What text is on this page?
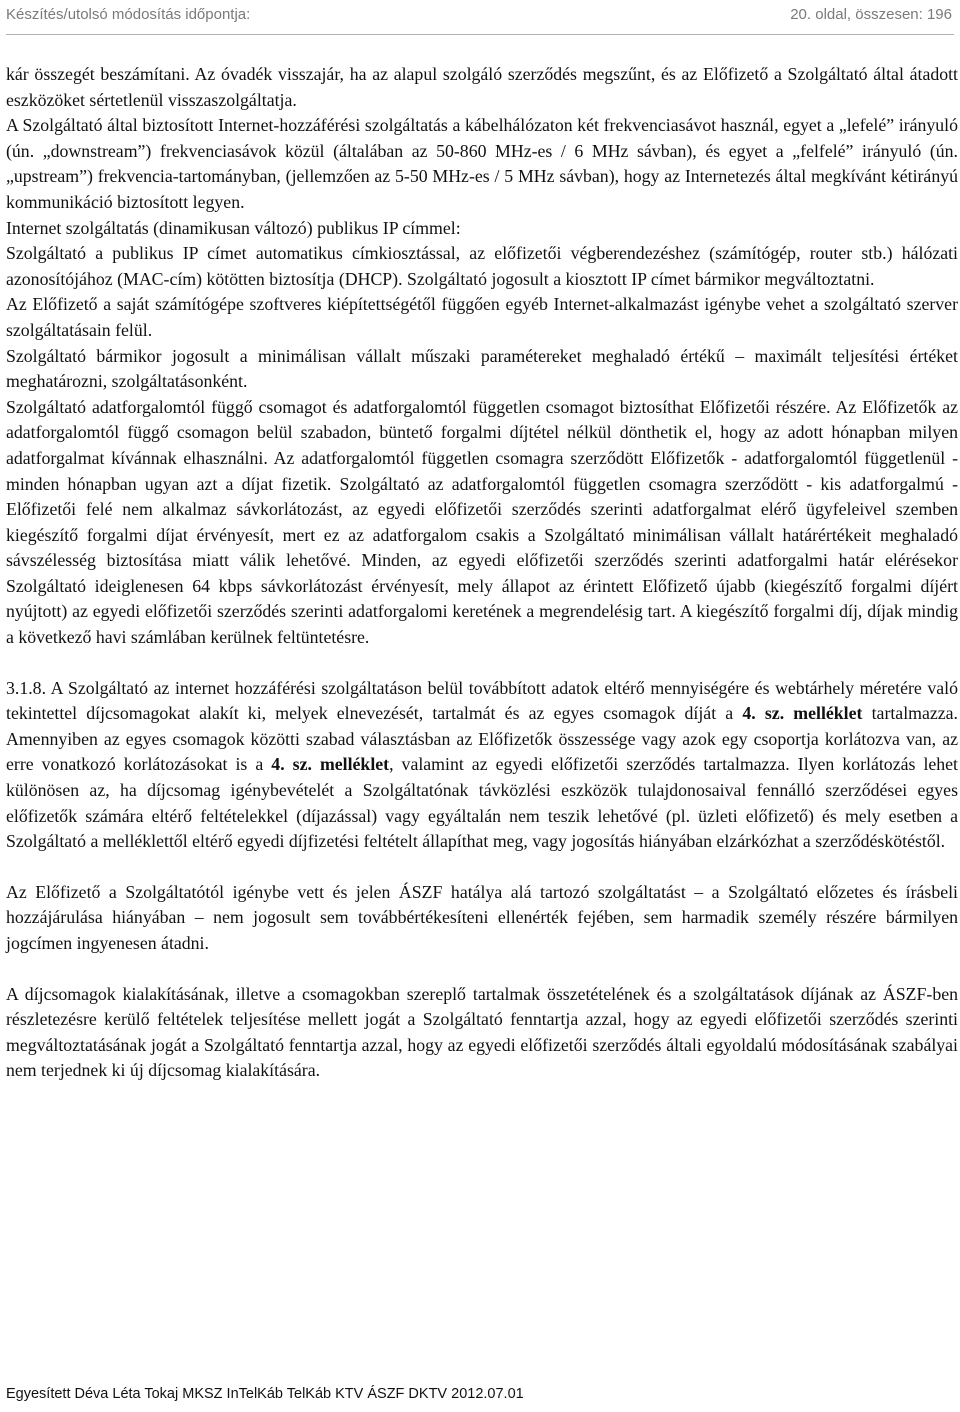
Készítés/utolsó módosítás időpontja:	20. oldal, összesen: 196

kár összegét beszámítani. Az óvadék visszajár, ha az alapul szolgáló szerződés megszűnt, és az Előfizető a Szolgáltató által átadott eszközöket sértetlenül visszaszolgáltatja.

A Szolgáltató által biztosított Internet-hozzáférési szolgáltatás a kábelhálózaton két frekvenciasávot használ, egyet a „lefelé” irányuló (ún. „downstream”) frekvenciasávok közül (általában az 50-860 MHz-es / 6 MHz sávban), és egyet a „felfelé” irányuló (ún. „upstream”) frekvencia-tartományban, (jellemzően az 5-50 MHz-es / 5 MHz sávban), hogy az Internetezés által megkívánt kétirányú kommunikáció biztosított legyen.

Internet szolgáltatás (dinamikusan változó) publikus IP címmel:

Szolgáltató a publikus IP címet automatikus címkiosztással, az előfizetői végberendezéshez (számítógép, router stb.) hálózati azonosítójához (MAC-cím) kötötten biztosítja (DHCP). Szolgáltató jogosult a kiosztott IP címet bármikor megváltoztatni.

Az Előfizető a saját számítógépe szoftveres kiépítettségétől függően egyéb Internet-alkalmazást igénybe vehet a szolgáltató szerver szolgáltatásain felül.

Szolgáltató bármikor jogosult a minimálisan vállalt műszaki paramétereket meghaladó értékű – maximált teljesítési értéket meghatározni, szolgáltatásonként.

Szolgáltató adatforgalomtól függő csomagot és adatforgalomtól független csomagot biztosíthat Előfizetői részére. Az Előfizetők az adatforgalomtól függő csomagon belül szabadon, büntető forgalmi díjtétel nélkül dönthetik el, hogy az adott hónapban milyen adatforgalmat kívánnak elhasználni. Az adatforgalomtól független csomagra szerződött Előfizetők - adatforgalomtól függetlenül - minden hónapban ugyan azt a díjat fizetik. Szolgáltató az adatforgalomtól független csomagra szerződött - kis adatforgalmú - Előfizetői felé nem alkalmaz sávkorlátozást, az egyedi előfizetői szerződés szerinti adatforgalmat elérő ügyfeleivel szemben kiegészítő forgalmi díjat érvényesít, mert ez az adatforgalom csakis a Szolgáltató minimálisan vállalt határértékeit meghaladó sávszélesség biztosítása miatt válik lehetővé. Minden, az egyedi előfizetői szerződés szerinti adatforgalmi határ elérésekor Szolgáltató ideiglenesen 64 kbps sávkorlátozást érvényesít, mely állapot az érintett Előfizető újabb (kiegészítő forgalmi díjért nyújtott) az egyedi előfizetői szerződés szerinti adatforgalomi keretének a megrendelésig tart. A kiegészítő forgalmi díj, díjak mindig a következő havi számlában kerülnek feltüntetésre.

3.1.8. A Szolgáltató az internet hozzáférési szolgáltatáson belül továbbított adatok eltérő mennyiségére és webtárhely méretére való tekintettel díjcsomagokat alakít ki, melyek elnevezését, tartalmát és az egyes csomagok díját a 4. sz. melléklet tartalmazza. Amennyiben az egyes csomagok közötti szabad választásban az Előfizetők összessége vagy azok egy csoportja korlátozva van, az erre vonatkozó korlátozásokat is a 4. sz. melléklet, valamint az egyedi előfizetői szerződés tartalmazza. Ilyen korlátozás lehet különösen az, ha díjcsomag igénybevételét a Szolgáltatónak távközlési eszközök tulajdonosaival fennálló szerződései egyes előfizetők számára eltérő feltételekkel (díjazással) vagy egyáltalán nem teszik lehetővé (pl. üzleti előfizető) és mely esetben a Szolgáltató a melléklettől eltérő egyedi díjfizetési feltételt állapíthat meg, vagy jogosítás hiányában elzárkózhat a szerződéskötéstől.

Az Előfizető a Szolgáltatótól igénybe vett és jelen ÁSZF hatálya alá tartozó szolgáltatást – a Szolgáltató előzetes és írásbeli hozzájárulása hiányában – nem jogosult sem továbbértékesíteni ellenérték fejében, sem harmadik személy részére bármilyen jogcímen ingyenesen átadni.

A díjcsomagok kialakításának, illetve a csomagokban szereplő tartalmak összetételének és a szolgáltatások díjának az ÁSZF-ben részletezésre kerülő feltételek teljesítése mellett jogát a Szolgáltató fenntartja azzal, hogy az egyedi előfizetői szerződés szerinti megváltoztatásának jogát a Szolgáltató fenntartja azzal, hogy az egyedi előfizetői szerződés általi egyoldalú módosításának szabályai nem terjednek ki új díjcsomag kialakítására.

Egyesített Déva Léta Tokaj MKSZ InTelKáb TelKáb KTV ÁSZF DKTV 2012.07.01
